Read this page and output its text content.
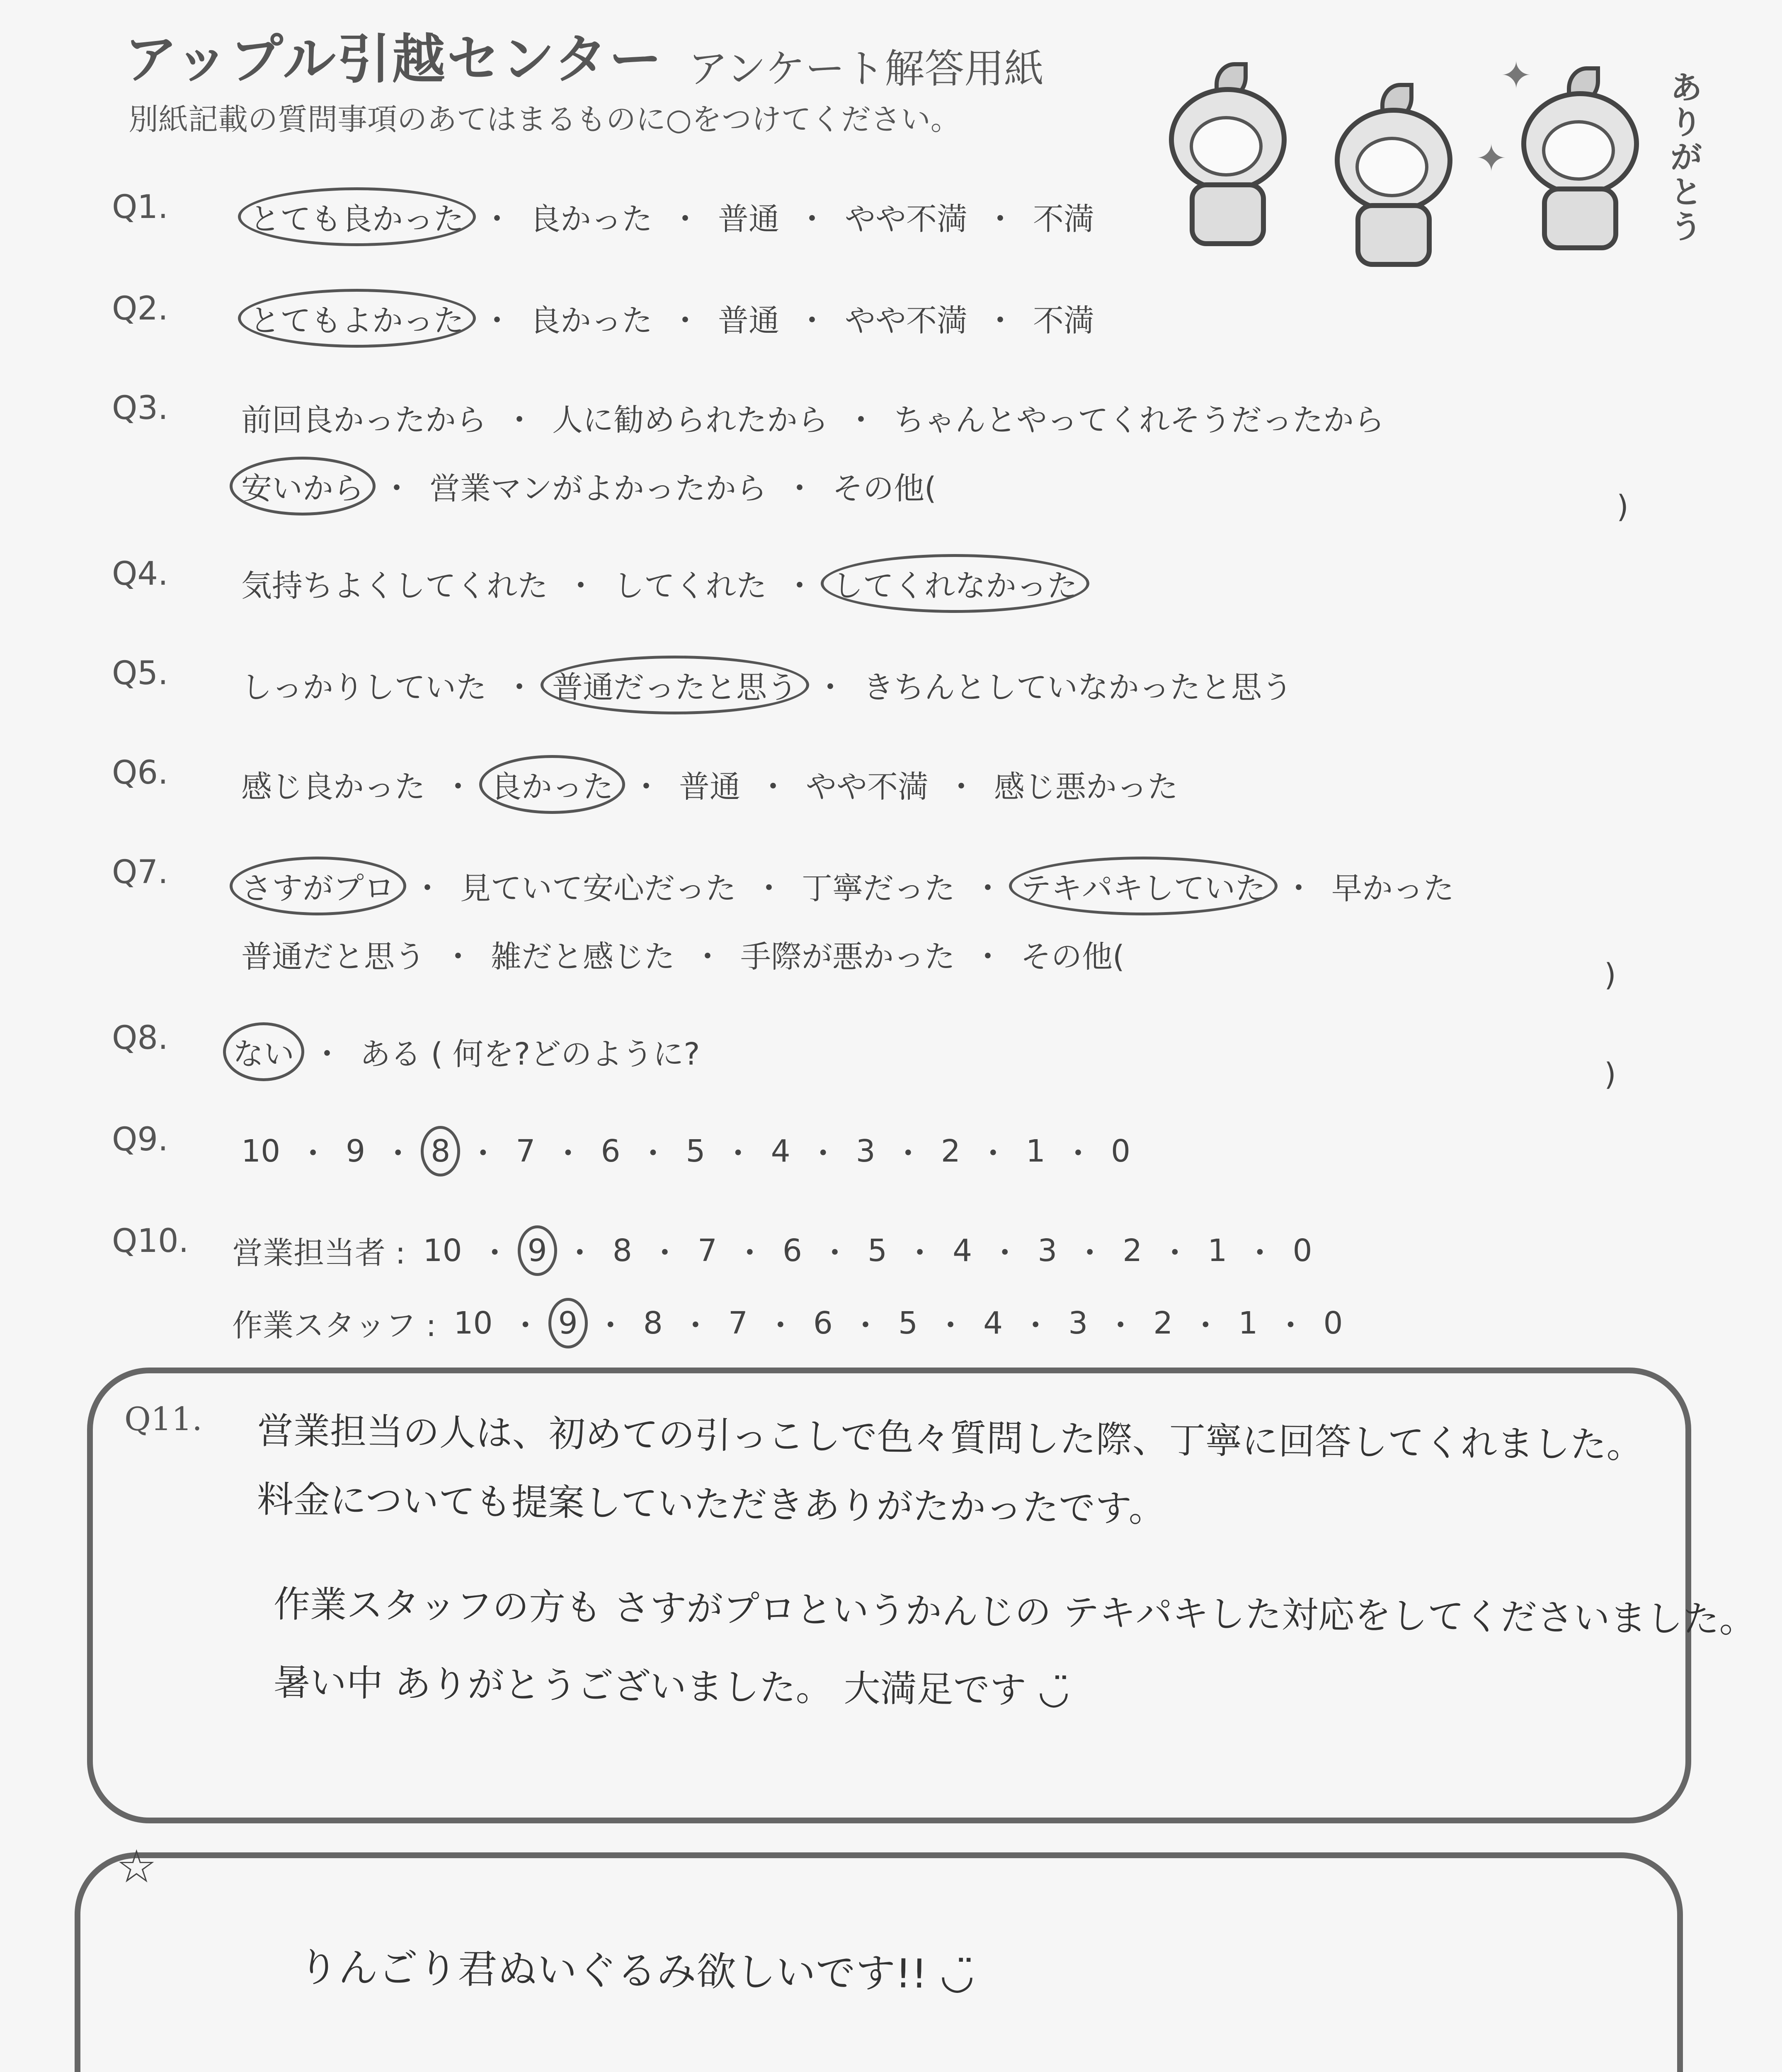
アップル引越センター アンケート解答用紙
別紙記載の質問事項のあてはまるものに○をつけてください。
✦
✦
ありがとう
Q1.	とても良かった ・ 良かった ・ 普通 ・ やや不満 ・ 不満
Q2.	とてもよかった ・ 良かった ・ 普通 ・ やや不満 ・ 不満
Q3. 前回良かったから ・ 人に勧められたから ・ ちゃんとやってくれそうだったから
安いから ・ 営業マンがよかったから ・ その他(
)
Q4. 気持ちよくしてくれた ・ してくれた ・ してくれなかった
Q5. しっかりしていた ・ 普通だったと思う ・ きちんとしていなかったと思う
Q6. 感じ良かった ・ 良かった ・ 普通 ・ やや不満 ・ 感じ悪かった
Q7. さすがプロ ・ 見ていて安心だった ・ 丁寧だった ・ テキパキしていた ・ 早かった
普通だと思う ・ 雑だと感じた ・ 手際が悪かった ・ その他(
)
Q8. ない ・ ある ( 何を?どのように?
)
Q9. 10 ・ 9 ・ 8 ・ 7 ・ 6 ・ 5 ・ 4 ・ 3 ・ 2 ・ 1 ・ 0
Q10. 営業担当者 : 10 ・ 9 ・ 8 ・ 7 ・ 6 ・ 5 ・ 4 ・ 3 ・ 2 ・ 1 ・ 0
作業スタッフ : 10 ・ 9 ・ 8 ・ 7 ・ 6 ・ 5 ・ 4 ・ 3 ・ 2 ・ 1 ・ 0
Q11. 営業担当の人は、初めての引っこしで色々質問した際、丁寧に回答してくれました。
料金についても提案していただきありがたかったです。
作業スタッフの方も さすがプロというかんじの テキパキした対応をしてくださいました。
暑い中 ありがとうございました。 大満足です ◡̈
☆
りんごり君ぬいぐるみ欲しいです!! ◡̈
